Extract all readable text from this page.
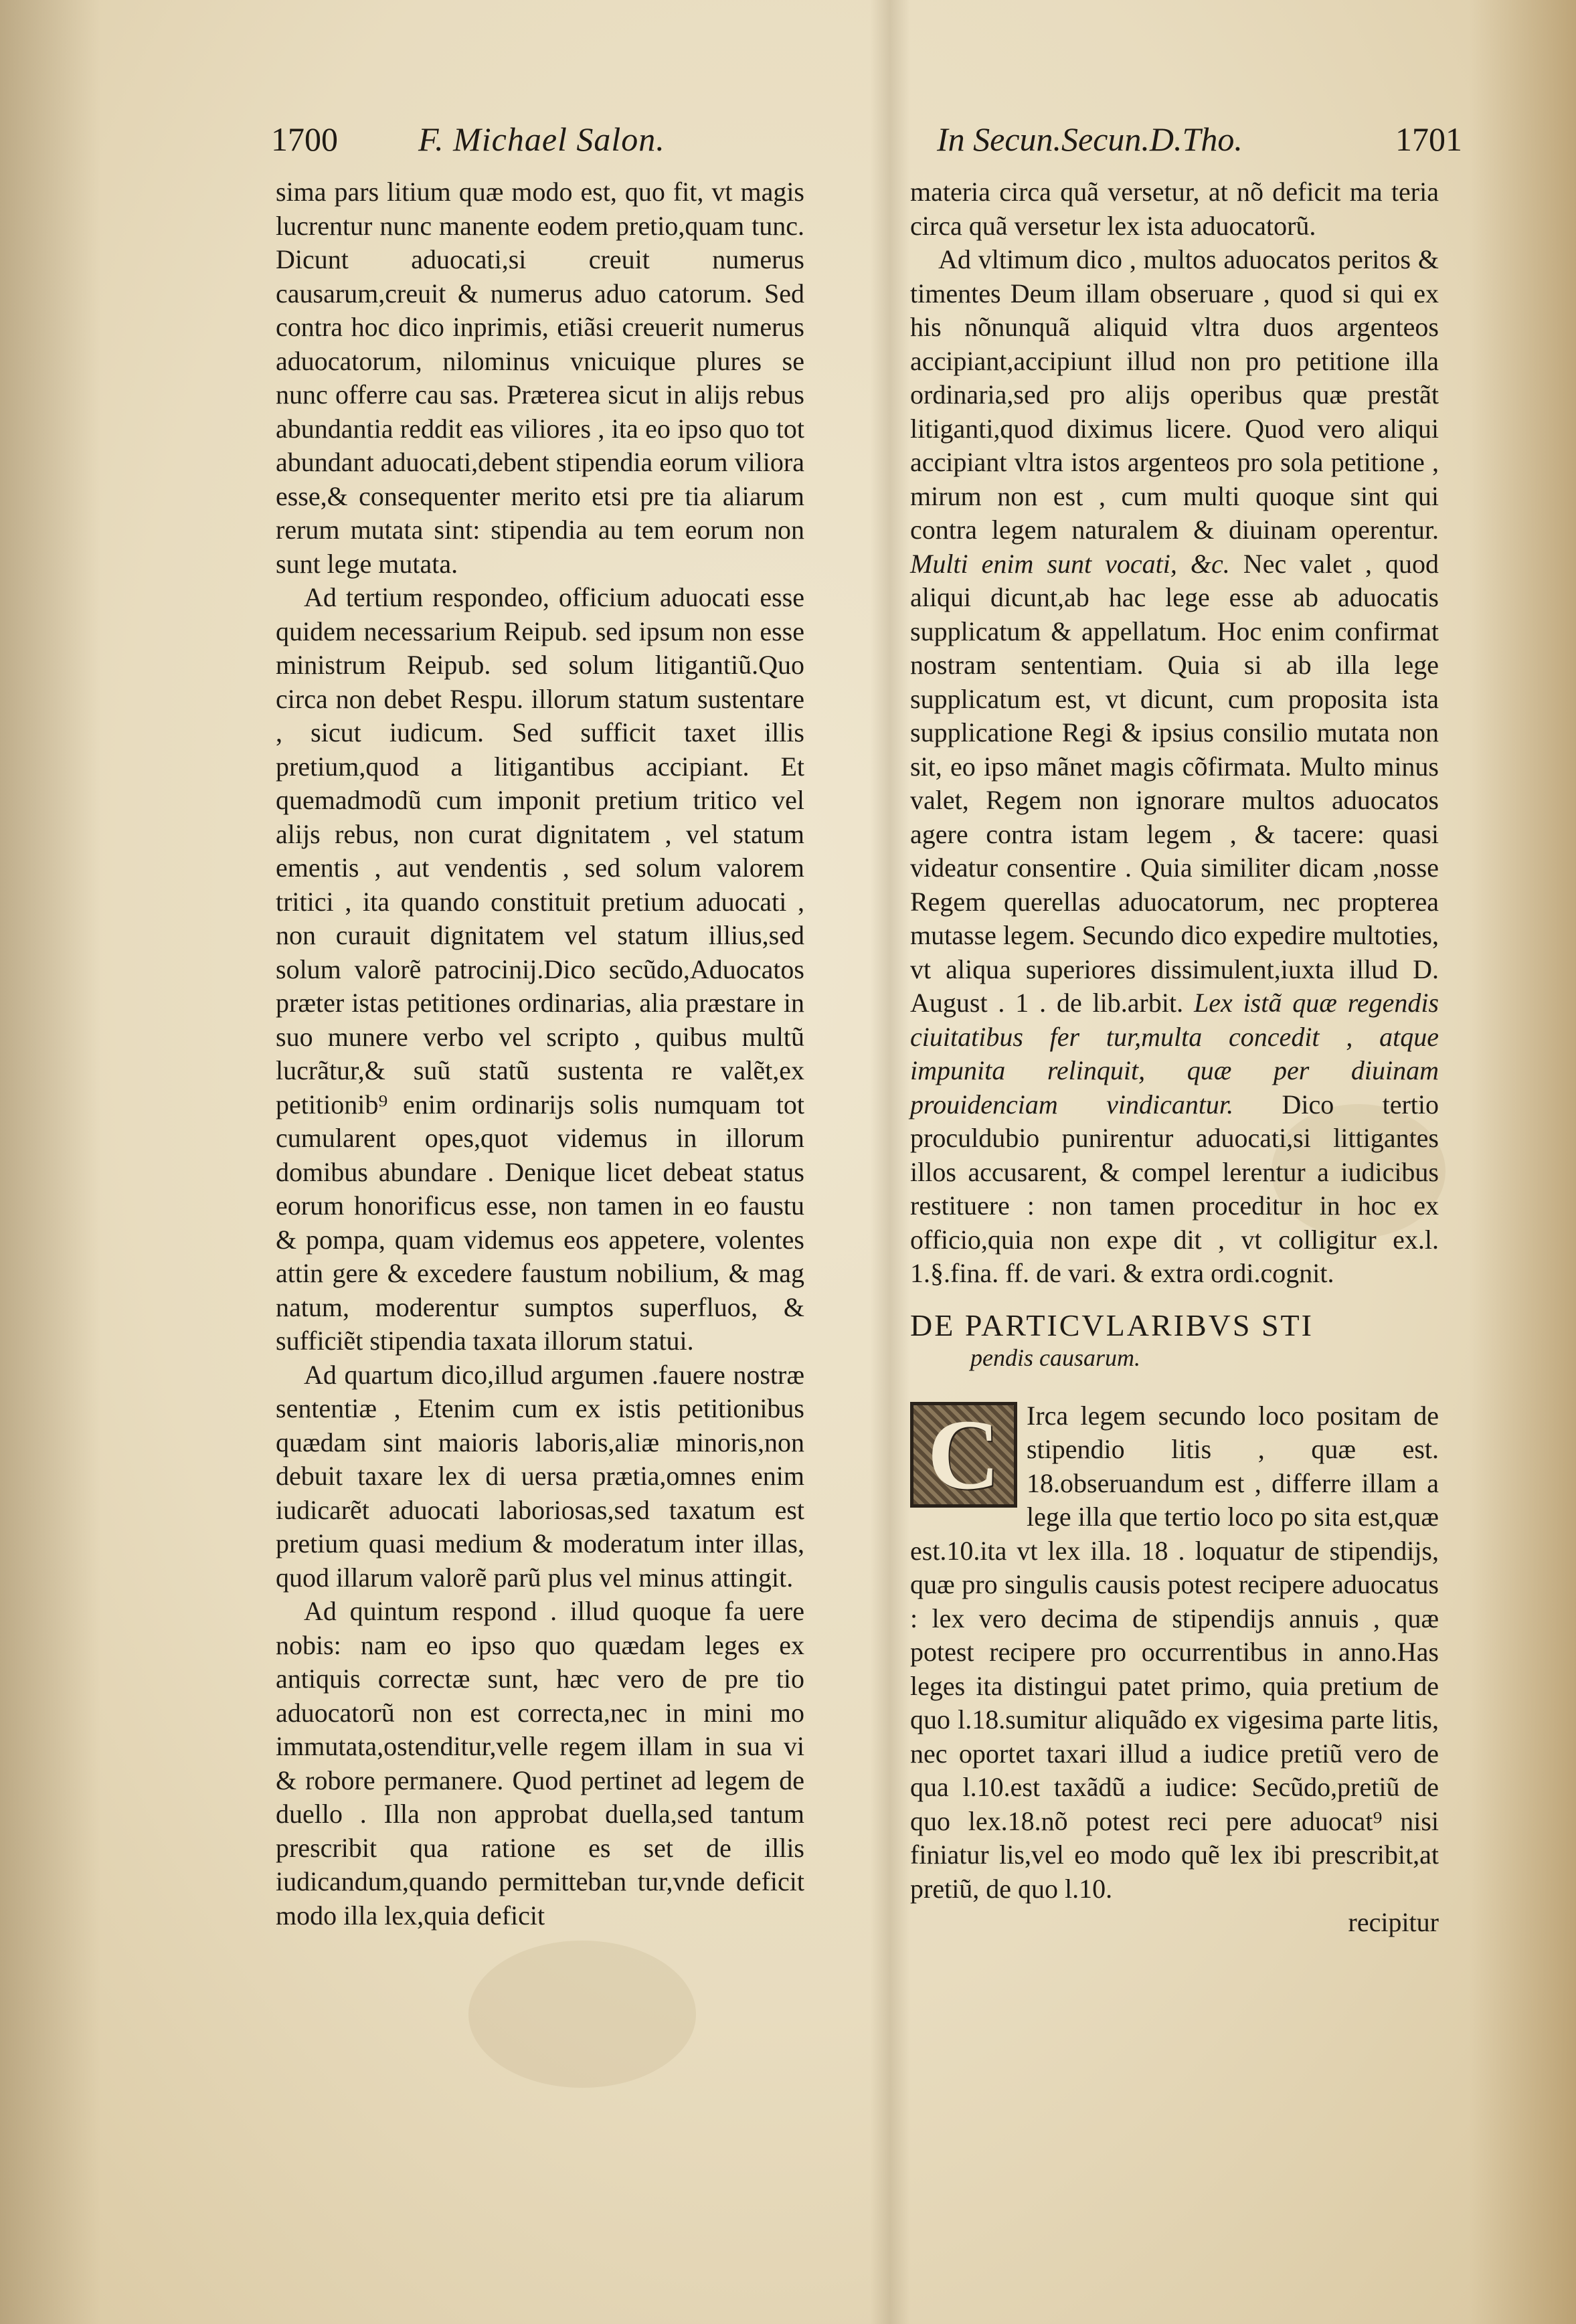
1700 F. Michael Salon.	In Secun.Secun.D.Tho.	1701

sima pars litium quæ modo est, quo fit, vt magis lucrentur nunc manente eodem pretio,quam tunc. Dicunt aduocati,si creuit numerus causarum,creuit & numerus aduo catorum. Sed contra hoc dico inprimis, etiãsi creuerit numerus aduocatorum, nilominus vnicuique plures se nunc offerre cau sas. Præterea sicut in alijs rebus abundantia reddit eas viliores , ita eo ipso quo tot abundant aduocati,debent stipendia eorum viliora esse,& consequenter merito etsi pre tia aliarum rerum mutata sint: stipendia au tem eorum non sunt lege mutata.

Ad tertium respondeo, officium aduocati esse quidem necessarium Reipub. sed ipsum non esse ministrum Reipub. sed solum litigantiũ.Quo circa non debet Respu. illorum statum sustentare , sicut iudicum. Sed sufficit taxet illis pretium,quod a litigantibus accipiant. Et quemadmodũ cum imponit pretium tritico vel alijs rebus, non curat dignitatem , vel statum ementis , aut vendentis , sed solum valorem tritici , ita quando constituit pretium aduocati , non curauit dignitatem vel statum illius,sed solum valorẽ patrocinij.Dico secũdo,Aduocatos præter istas petitiones ordinarias, alia præstare in suo munere verbo vel scripto , quibus multũ lucrãtur,& suũ statũ sustenta re valẽt,ex petitionib⁹ enim ordinarijs solis numquam tot cumularent opes,quot videmus in illorum domibus abundare . Denique licet debeat status eorum honorificus esse, non tamen in eo faustu & pompa, quam videmus eos appetere, volentes attin gere & excedere faustum nobilium, & mag natum, moderentur sumptos superfluos, & sufficiẽt stipendia taxata illorum statui.

Ad quartum dico,illud argumen .fauere nostræ sententiæ , Etenim cum ex istis petitionibus quædam sint maioris laboris,aliæ minoris,non debuit taxare lex di uersa prætia,omnes enim iudicarẽt aduocati laboriosas,sed taxatum est pretium quasi medium & moderatum inter illas, quod illarum valorẽ parũ plus vel minus attingit.

Ad quintum respond . illud quoque fa uere nobis: nam eo ipso quo quædam leges ex antiquis correctæ sunt, hæc vero de pre tio aduocatorũ non est correcta,nec in mini mo immutata,ostenditur,velle regem illam in sua vi & robore permanere. Quod pertinet ad legem de duello . Illa non approbat duella,sed tantum prescribit qua ratione es set de illis iudicandum,quando permitteban tur,vnde deficit modo illa lex,quia deficit

materia circa quã versetur, at nõ deficit ma teria circa quã versetur lex ista aduocatorũ.

Ad vltimum dico , multos aduocatos peritos & timentes Deum illam obseruare , quod si qui ex his nõnunquã aliquid vltra duos argenteos accipiant,accipiunt illud non pro petitione illa ordinaria,sed pro alijs operibus quæ prestãt litiganti,quod diximus licere. Quod vero aliqui accipiant vltra istos argenteos pro sola petitione , mirum non est , cum multi quoque sint qui contra legem naturalem & diuinam operentur. Multi enim sunt vocati, &c. Nec valet , quod aliqui dicunt,ab hac lege esse ab aduocatis supplicatum & appellatum. Hoc enim confirmat nostram sententiam. Quia si ab illa lege supplicatum est, vt dicunt, cum proposita ista supplicatione Regi & ipsius consilio mutata non sit, eo ipso mãnet magis cõfirmata. Multo minus valet, Regem non ignorare multos aduocatos agere contra istam legem , & tacere: quasi videatur consentire . Quia similiter dicam ,nosse Regem querellas aduocatorum, nec propterea mutasse legem. Secundo dico expedire multoties, vt aliqua superiores dissimulent,iuxta illud D. August . 1 . de lib.arbit. Lex istã quæ regendis ciuitatibus fer tur,multa concedit , atque impunita relinquit, quæ per diuinam prouidenciam vindicantur. Dico tertio proculdubio punirentur aduocati,si littigantes illos accusarent, & compel lerentur a iudicibus restituere : non tamen proceditur in hoc ex officio,quia non expe dit , vt colligitur ex.l. 1.§.fina. ff. de vari. & extra ordi.cognit.

DE PARTICVLARIBVS STI
pendis causarum.

C Irca legem secundo loco positam de stipendio litis , quæ est. 18.obseruandum est , differre illam a lege illa que tertio loco po sita est,quæ est.10.ita vt lex illa. 18 . loquatur de stipendijs, quæ pro singulis causis potest recipere aduocatus : lex vero decima de stipendijs annuis , quæ potest recipere pro occurrentibus in anno.Has leges ita distingui patet primo, quia pretium de quo l.18.sumitur aliquãdo ex vigesima parte litis, nec oportet taxari illud a iudice pretiũ vero de qua l.10.est taxãdũ a iudice: Secũdo,pretiũ de quo lex.18.nõ potest reci pere aduocat⁹ nisi finiatur lis,vel eo modo quẽ lex ibi prescribit,at pretiũ, de quo l.10.

recipitur
